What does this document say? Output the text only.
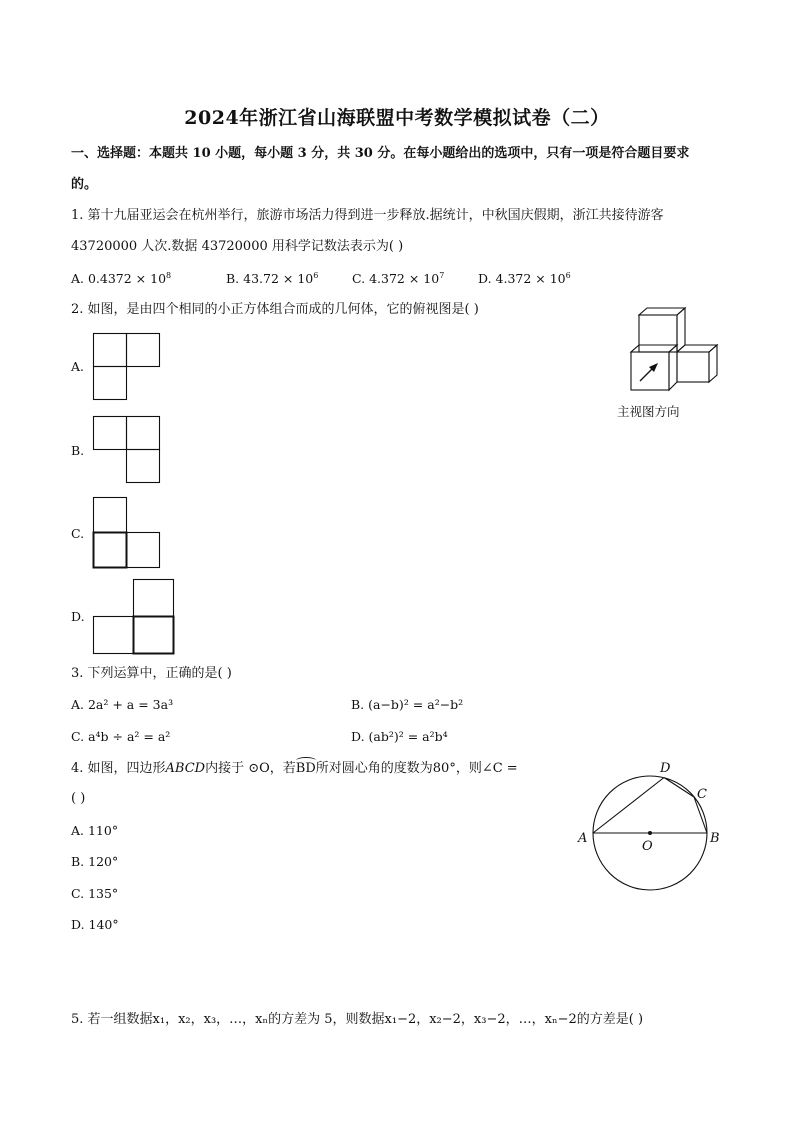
2024年浙江省山海联盟中考数学模拟试卷（二）
一、选择题：本题共 10 小题，每小题 3 分，共 30 分。在每小题给出的选项中，只有一项是符合题目要求
的。
1. 第十九届亚运会在杭州举行，旅游市场活力得到进一步释放.据统计，中秋国庆假期，浙江共接待游客
43720000 人次.数据 43720000 用科学记数法表示为( )
A. $0.4372 \times 10^8$	B. $43.72 \times 10^6$	C. $4.372 \times 10^7$	D. $4.372 \times 10^6$
2. 如图，是由四个相同的小正方体组合而成的几何体，它的俯视图是( )
A.
B.
C.
D.
主视图方向
3. 下列运算中，正确的是( )
A. 2a² + a = 3a³	B. (a−b)² = a²−b²
C. a⁴b ÷ a² = a²	D. (ab²)² = a²b⁴
4. 如图，四边形ABCD内接于 ⊙O，若
BD所对圆心角的度数为80°，则∠C =
( )
A. 110°
B. 120°
C. 135°
D. 140°
A	B
C
D
O
5. 若一组数据x₁，x₂，x₃，…，xₙ的方差为 5，则数据x₁−2，x₂−2，x₃−2，…，xₙ−2的方差是( )
